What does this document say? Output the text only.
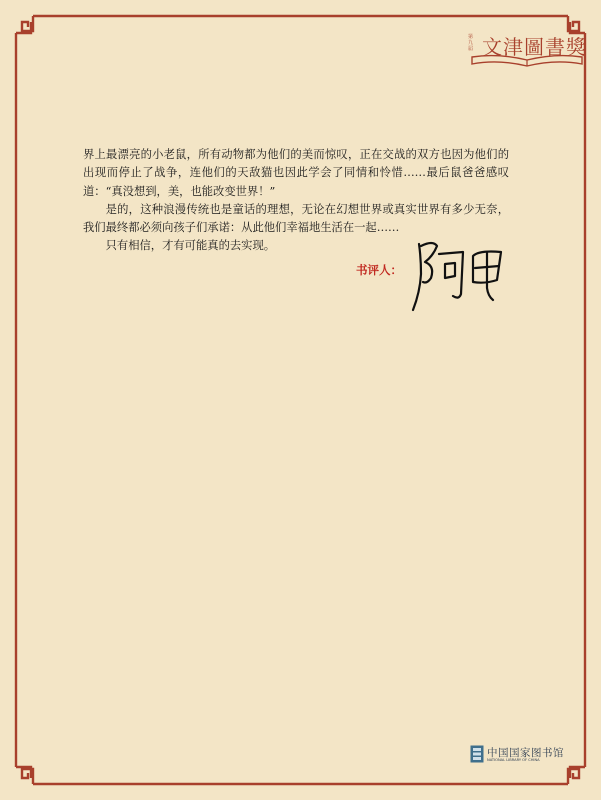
第九届 文津圖書獎

界上最漂亮的小老鼠，所有动物都为他们的美而惊叹，正在交战的双方也因为他们的出现而停止了战争，连他们的天敌猫也因此学会了同情和怜惜……最后鼠爸爸感叹道：“真没想到，美，也能改变世界！”

是的，这种浪漫传统也是童话的理想，无论在幻想世界或真实世界有多少无奈，我们最终都必须向孩子们承诺：从此他们幸福地生活在一起……

只有相信，才有可能真的去实现。

书评人：
中国国家图书馆
NATIONAL LIBRARY OF CHINA
